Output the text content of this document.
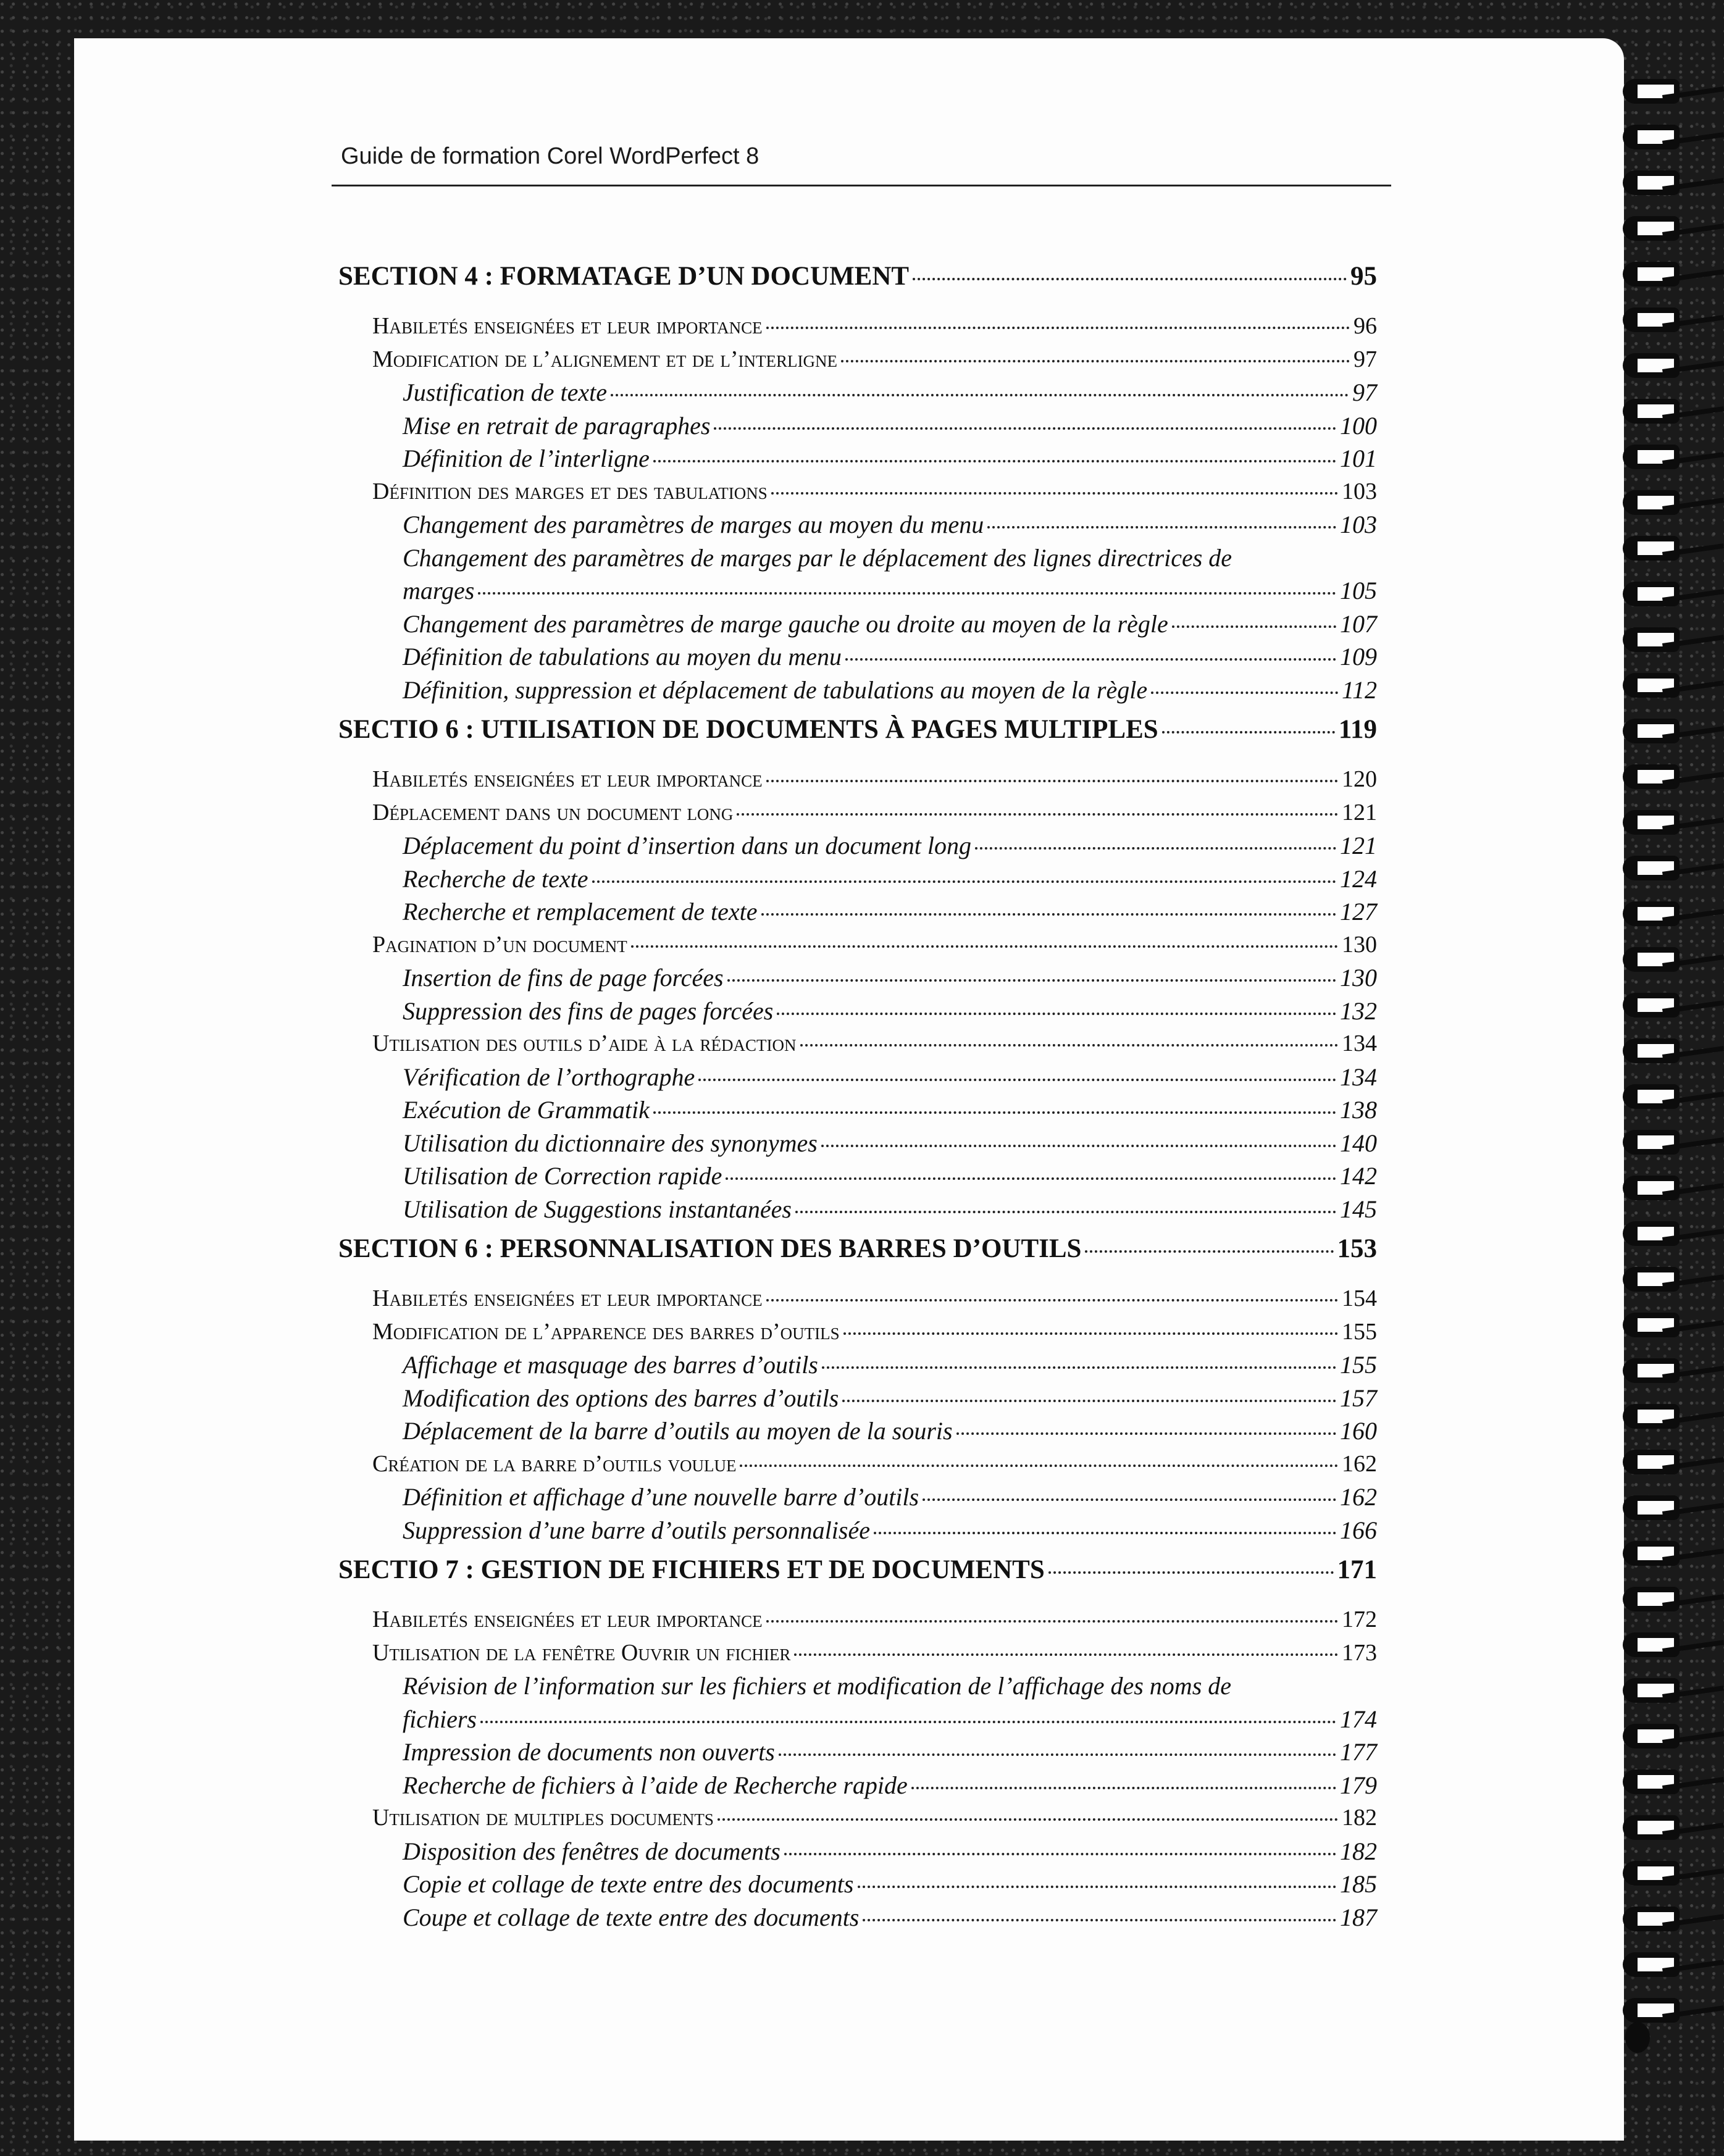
Guide de formation Corel WordPerfect 8
SECTION 4 : FORMATAGE D’UN DOCUMENT	95
Habiletés enseignées et leur importance	96
Modification de l’alignement et de l’interligne	97
Justification de texte	97
Mise en retrait de paragraphes	100
Définition de l’interligne	101
Définition des marges et des tabulations	103
Changement des paramètres de marges au moyen du menu	103
Changement des paramètres de marges par le déplacement des lignes directrices de
marges	105
Changement des paramètres de marge gauche ou droite au moyen de la règle	107
Définition de tabulations au moyen du menu	109
Définition, suppression et déplacement de tabulations au moyen de la règle	112
SECTIO 6 : UTILISATION DE DOCUMENTS À PAGES MULTIPLES	119
Habiletés enseignées et leur importance	120
Déplacement dans un document long	121
Déplacement du point d’insertion dans un document long	121
Recherche de texte	124
Recherche et remplacement de texte	127
Pagination d’un document	130
Insertion de fins de page forcées	130
Suppression des fins de pages forcées	132
Utilisation des outils d’aide à la rédaction	134
Vérification de l’orthographe	134
Exécution de Grammatik	138
Utilisation du dictionnaire des synonymes	140
Utilisation de Correction rapide	142
Utilisation de Suggestions instantanées	145
SECTION 6 : PERSONNALISATION DES BARRES D’OUTILS	153
Habiletés enseignées et leur importance	154
Modification de l’apparence des barres d’outils	155
Affichage et masquage des barres d’outils	155
Modification des options des barres d’outils	157
Déplacement de la barre d’outils au moyen de la souris	160
Création de la barre d’outils voulue	162
Définition et affichage d’une nouvelle barre d’outils	162
Suppression d’une barre d’outils personnalisée	166
SECTIO 7 : GESTION DE FICHIERS ET DE DOCUMENTS	171
Habiletés enseignées et leur importance	172
Utilisation de la fenêtre Ouvrir un fichier	173
Révision de l’information sur les fichiers et modification de l’affichage des noms de
fichiers	174
Impression de documents non ouverts	177
Recherche de fichiers à l’aide de Recherche rapide	179
Utilisation de multiples documents	182
Disposition des fenêtres de documents	182
Copie et collage de texte entre des documents	185
Coupe et collage de texte entre des documents	187
